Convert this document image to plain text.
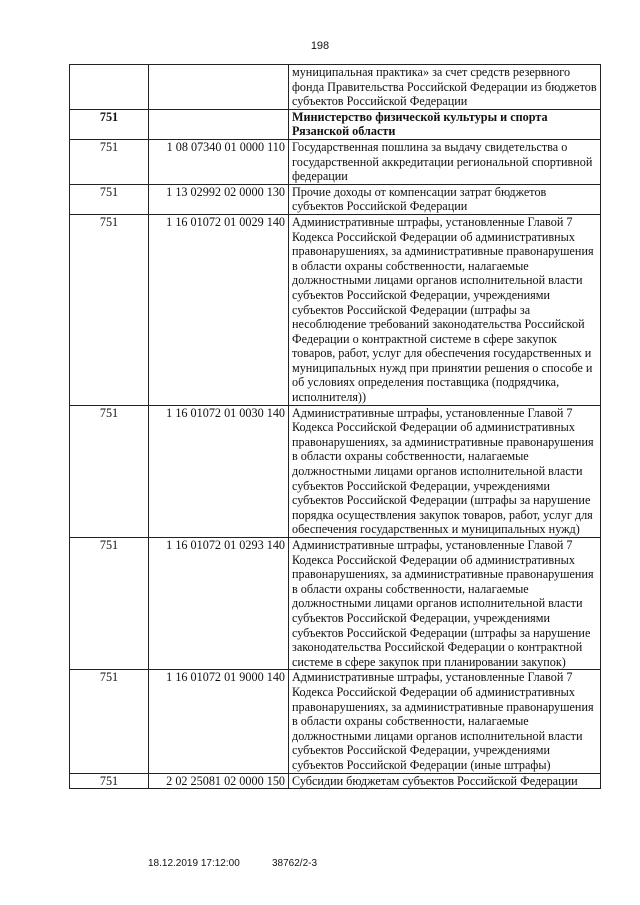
198
		муниципальная практика» за счет средств резервного фонда Правительства Российской Федерации из бюджетов субъектов Российской Федерации
751		Министерство физической культуры и спорта Рязанской области
751	1 08 07340 01 0000 110	Государственная пошлина за выдачу свидетельства о государственной аккредитации региональной спортивной федерации
751	1 13 02992 02 0000 130	Прочие доходы от компенсации затрат бюджетов субъектов Российской Федерации
751	1 16 01072 01 0029 140	Административные штрафы, установленные Главой 7 Кодекса Российской Федерации об административных правонарушениях, за административные правонарушения в области охраны собственности, налагаемые должностными лицами органов исполнительной власти субъектов Российской Федерации, учреждениями субъектов Российской Федерации (штрафы за несоблюдение требований законодательства Российской Федерации о контрактной системе в сфере закупок товаров, работ, услуг для обеспечения государственных и муниципальных нужд при принятии решения о способе и об условиях определения поставщика (подрядчика, исполнителя))
751	1 16 01072 01 0030 140	Административные штрафы, установленные Главой 7 Кодекса Российской Федерации об административных правонарушениях, за административные правонарушения в области охраны собственности, налагаемые должностными лицами органов исполнительной власти субъектов Российской Федерации, учреждениями субъектов Российской Федерации (штрафы за нарушение порядка осуществления закупок товаров, работ, услуг для обеспечения государственных и муниципальных нужд)
751	1 16 01072 01 0293 140	Административные штрафы, установленные Главой 7 Кодекса Российской Федерации об административных правонарушениях, за административные правонарушения в области охраны собственности, налагаемые должностными лицами органов исполнительной власти субъектов Российской Федерации, учреждениями субъектов Российской Федерации (штрафы за нарушение законодательства Российской Федерации о контрактной системе в сфере закупок при планировании закупок)
751	1 16 01072 01 9000 140	Административные штрафы, установленные Главой 7 Кодекса Российской Федерации об административных правонарушениях, за административные правонарушения в области охраны собственности, налагаемые должностными лицами органов исполнительной власти субъектов Российской Федерации, учреждениями субъектов Российской Федерации (иные штрафы)
751	2 02 25081 02 0000 150	Субсидии бюджетам субъектов Российской Федерации
18.12.2019 17:12:00	38762/2-3
